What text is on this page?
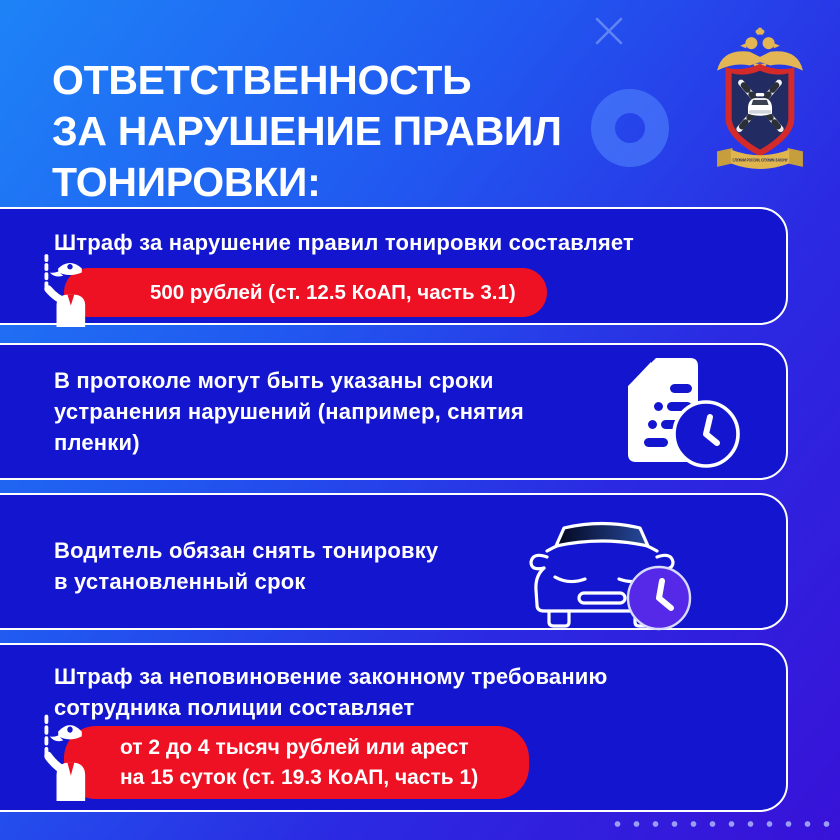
СЛУЖИМ РОССИИ, СЛУЖИМ ЗАКОНУ
ОТВЕТСТВЕННОСТЬ
ЗА НАРУШЕНИЕ ПРАВИЛ
ТОНИРОВКИ:
Штраф за нарушение правил тонировки составляет
500 рублей (ст. 12.5 КоАП, часть 3.1)
В протоколе могут быть указаны сроки
устранения нарушений (например, снятия
пленки)
Водитель обязан снять тонировку
в установленный срок
Штраф за неповиновение законному требованию
сотрудника полиции составляет
от 2 до 4 тысяч рублей или арест
на 15 суток (ст. 19.3 КоАП, часть 1)
